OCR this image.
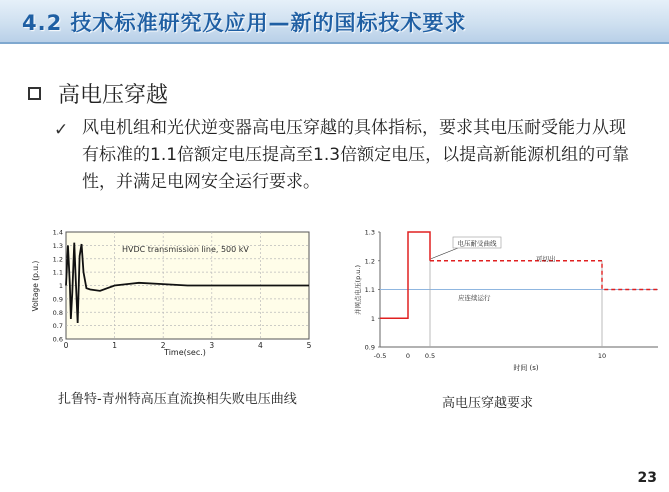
4.2 技术标准研究及应用—新的国标技术要求
高电压穿越
✓ 风电机组和光伏逆变器高电压穿越的具体指标，要求其电压耐受能力从现有标准的1.1倍额定电压提高至1.3倍额定电压，以提高新能源机组的可靠性，并满足电网安全运行要求。
0	1	2	3	4	5
0.6
0.7
0.8
0.9
1
1.1
1.2
1.3
1.4
HVDC transmission line, 500 kV
Time(sec.)
Voltage (p.u.)
0.9
1
1.1
1.2
1.3
-0.5	0 0.5	10
电压耐受曲线
可切出
应连续运行
时间 (s)
并网点电压(p.u.)
扎鲁特-青州特高压直流换相失败电压曲线	高电压穿越要求
23
